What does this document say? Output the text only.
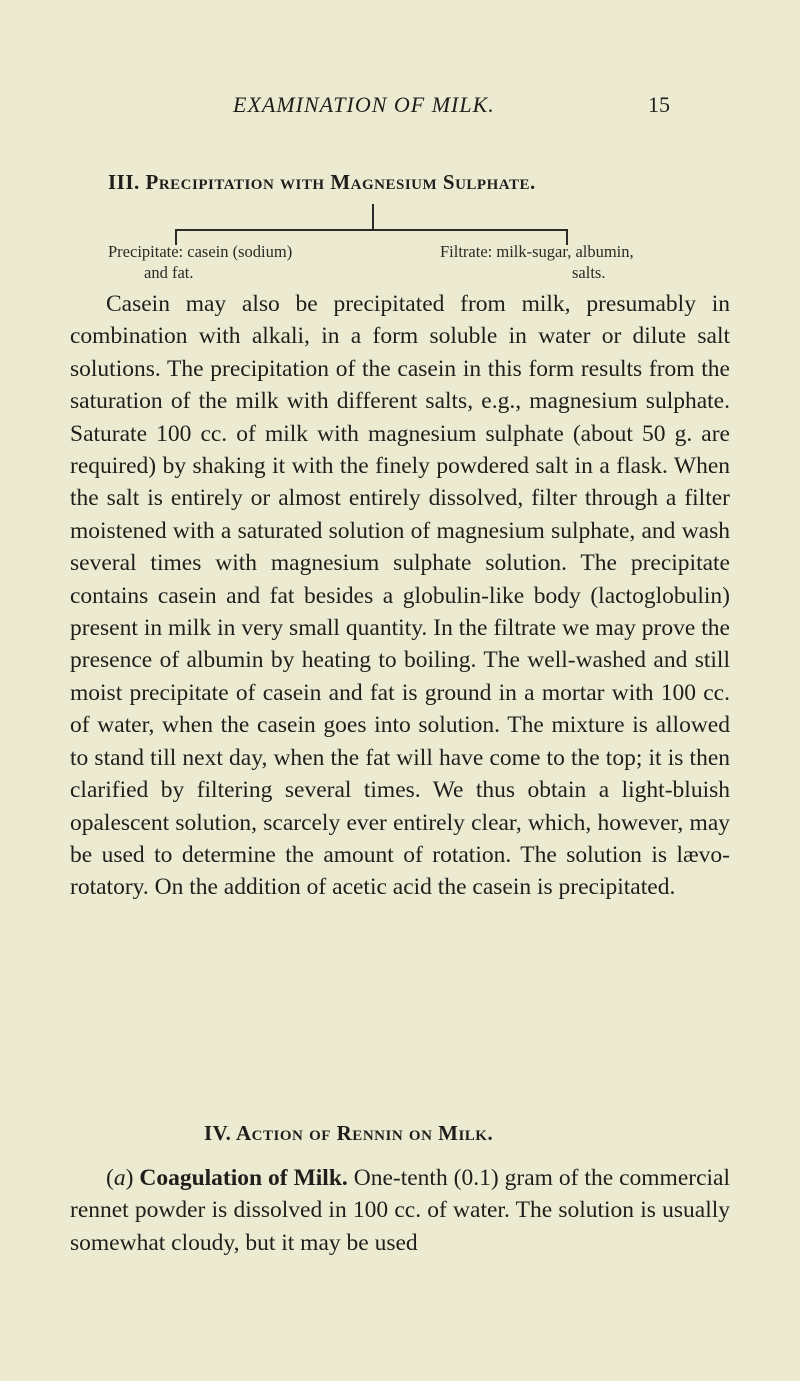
EXAMINATION OF MILK.	15
III. Precipitation with Magnesium Sulphate.
Precipitate: casein (sodium)
and fat.
Filtrate: milk-sugar, albumin,
salts.
Casein may also be precipitated from milk, presumably in combination with alkali, in a form soluble in water or dilute salt solutions. The precipitation of the casein in this form results from the saturation of the milk with different salts, e.g., magnesium sulphate. Saturate 100 cc. of milk with magnesium sulphate (about 50 g. are required) by shaking it with the finely powdered salt in a flask. When the salt is entirely or almost entirely dissolved, filter through a filter moistened with a saturated solution of magnesium sulphate, and wash several times with magnesium sulphate solution. The precipitate contains casein and fat besides a globulin-like body (lactoglobulin) present in milk in very small quantity. In the filtrate we may prove the presence of albumin by heating to boiling. The well-washed and still moist precipitate of casein and fat is ground in a mortar with 100 cc. of water, when the casein goes into solution. The mixture is allowed to stand till next day, when the fat will have come to the top; it is then clarified by filtering several times. We thus obtain a light-bluish opalescent solution, scarcely ever entirely clear, which, however, may be used to determine the amount of rotation. The solution is lævo-rotatory. On the addition of acetic acid the casein is precipitated.
IV. Action of Rennin on Milk.
(a) Coagulation of Milk. One-tenth (0.1) gram of the commercial rennet powder is dissolved in 100 cc. of water. The solution is usually somewhat cloudy, but it may be used
